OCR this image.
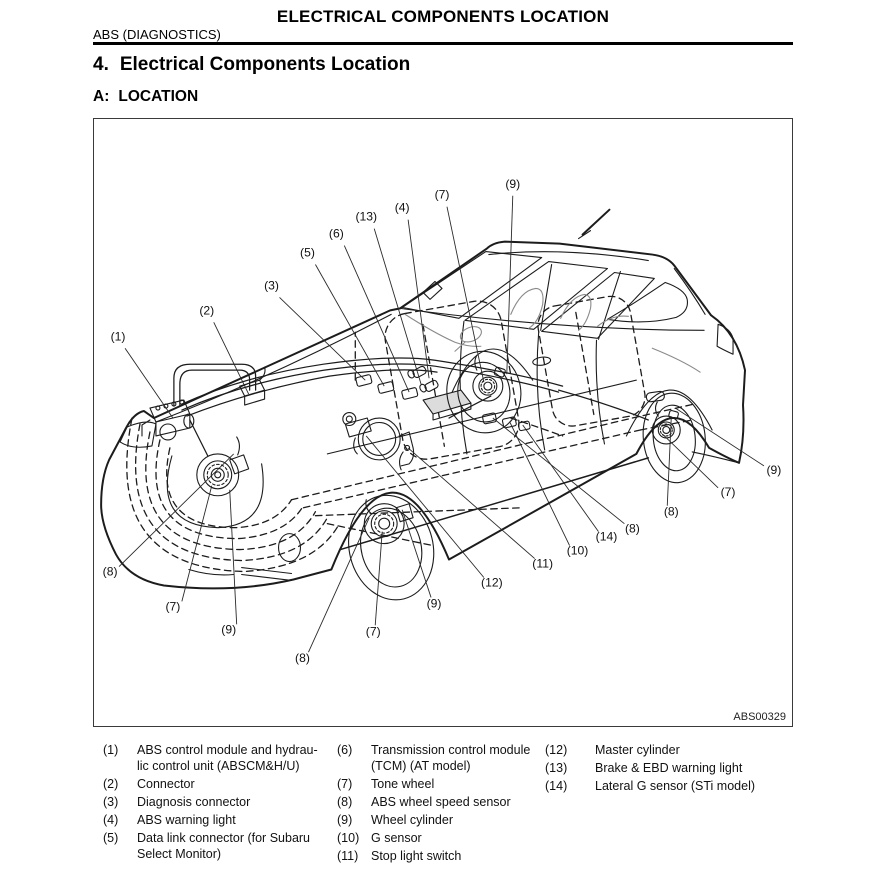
ELECTRICAL COMPONENTS LOCATION
ABS (DIAGNOSTICS)
4. Electrical Components Location
A: LOCATION
(1)
(2)
(3)
(5)
(6)
(13)
(4)
(7)
(9)
(9)
(7)
(8)
(8)
(14)
(10)
(11)
(12)
(9)
(7)
(8)
(8)
(7)
(9)
ABS00329
(1)	ABS control module and hydrau-
lic control unit (ABSCM&H/U)
(2)	Connector
(3)	Diagnosis connector
(4)	ABS warning light
(5)	Data link connector (for Subaru
Select Monitor)
(6)	Transmission control module
(TCM) (AT model)
(7)	Tone wheel
(8)	ABS wheel speed sensor
(9)	Wheel cylinder
(10) G sensor
(11)	Stop light switch
(12)	Master cylinder
(13)	Brake & EBD warning light
(14)	Lateral G sensor (STi model)
